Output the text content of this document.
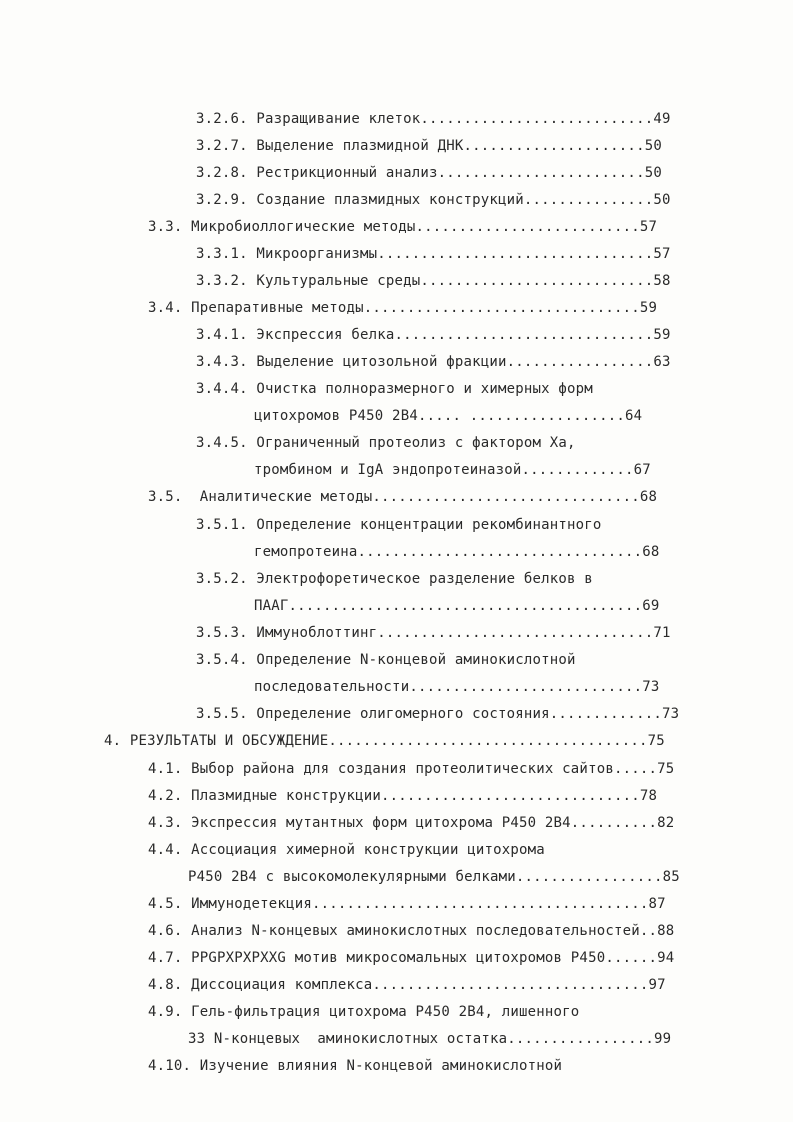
3.2.6. Разращивание клеток...........................49
3.2.7. Выделение плазмидной ДНК.....................50
3.2.8. Рестрикционный анализ........................50
3.2.9. Создание плазмидных конструкций...............50
3.3. Микробиоллогические методы..........................57
3.3.1. Микроорганизмы................................57
3.3.2. Культуральные среды...........................58
3.4. Препаративные методы................................59
3.4.1. Экспрессия белка..............................59
3.4.3. Выделение цитозольной фракции.................63
3.4.4. Очистка полноразмерного и химерных форм
цитохромов P450 2B4..... ..................64
3.4.5. Ограниченный протеолиз с фактором Ха,
тромбином и IgA эндопротеиназой.............67
3.5.  Аналитические методы...............................68
3.5.1. Определение концентрации рекомбинантного
гемопротеина.................................68
3.5.2. Электрофоретическое разделение белков в
ПААГ.........................................69
3.5.3. Иммуноблоттинг................................71
3.5.4. Определение N-концевой аминокислотной
последовательности...........................73
3.5.5. Определение олигомерного состояния.............73
4. РЕЗУЛЬТАТЫ И ОБСУЖДЕНИЕ.....................................75
4.1. Выбор района для создания протеолитических сайтов.....75
4.2. Плазмидные конструкции..............................78
4.3. Экспрессия мутантных форм цитохрома P450 2B4..........82
4.4. Ассоциация химерной конструкции цитохрома
P450 2B4 с высокомолекулярными белками.................85
4.5. Иммунодетекция.......................................87
4.6. Анализ N-концевых аминокислотных последовательностей..88
4.7. PPGPXPXPXXG мотив микросомальных цитохромов P450......94
4.8. Диссоциация комплекса................................97
4.9. Гель-фильтрация цитохрома P450 2B4, лишенного
33 N-концевых  аминокислотных остатка.................99
4.10. Изучение влияния N-концевой аминокислотной
